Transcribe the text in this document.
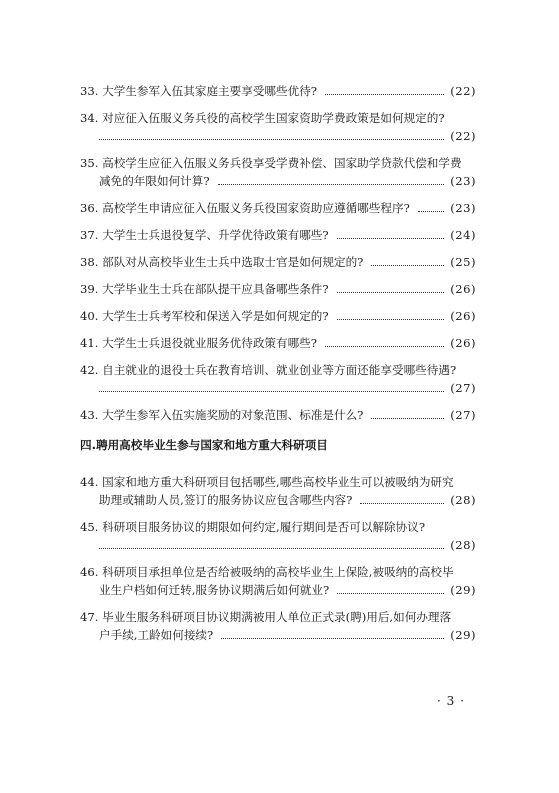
33. 大学生参军入伍其家庭主要享受哪些优待?	(22)
34. 对应征入伍服义务兵役的高校学生国家资助学费政策是如何规定的?
(22)
35. 高校学生应征入伍服义务兵役享受学费补偿、国家助学贷款代偿和学费
减免的年限如何计算?	(23)
36. 高校学生申请应征入伍服义务兵役国家资助应遵循哪些程序?	(23)
37. 大学生士兵退役复学、升学优待政策有哪些?	(24)
38. 部队对从高校毕业生士兵中选取士官是如何规定的?	(25)
39. 大学毕业生士兵在部队提干应具备哪些条件?	(26)
40. 大学生士兵考军校和保送入学是如何规定的?	(26)
41. 大学生士兵退役就业服务优待政策有哪些?	(26)
42. 自主就业的退役士兵在教育培训、就业创业等方面还能享受哪些待遇?
(27)
43. 大学生参军入伍实施奖励的对象范围、标准是什么?	(27)
四.聘用高校毕业生参与国家和地方重大科研项目
44. 国家和地方重大科研项目包括哪些,哪些高校毕业生可以被吸纳为研究
助理或辅助人员,签订的服务协议应包含哪些内容?	(28)
45. 科研项目服务协议的期限如何约定,履行期间是否可以解除协议?
(28)
46. 科研项目承担单位是否给被吸纳的高校毕业生上保险,被吸纳的高校毕
业生户档如何迁转,服务协议期满后如何就业?	(29)
47. 毕业生服务科研项目协议期满被用人单位正式录(聘)用后,如何办理落
户手续,工龄如何接续?	(29)
· 3 ·
